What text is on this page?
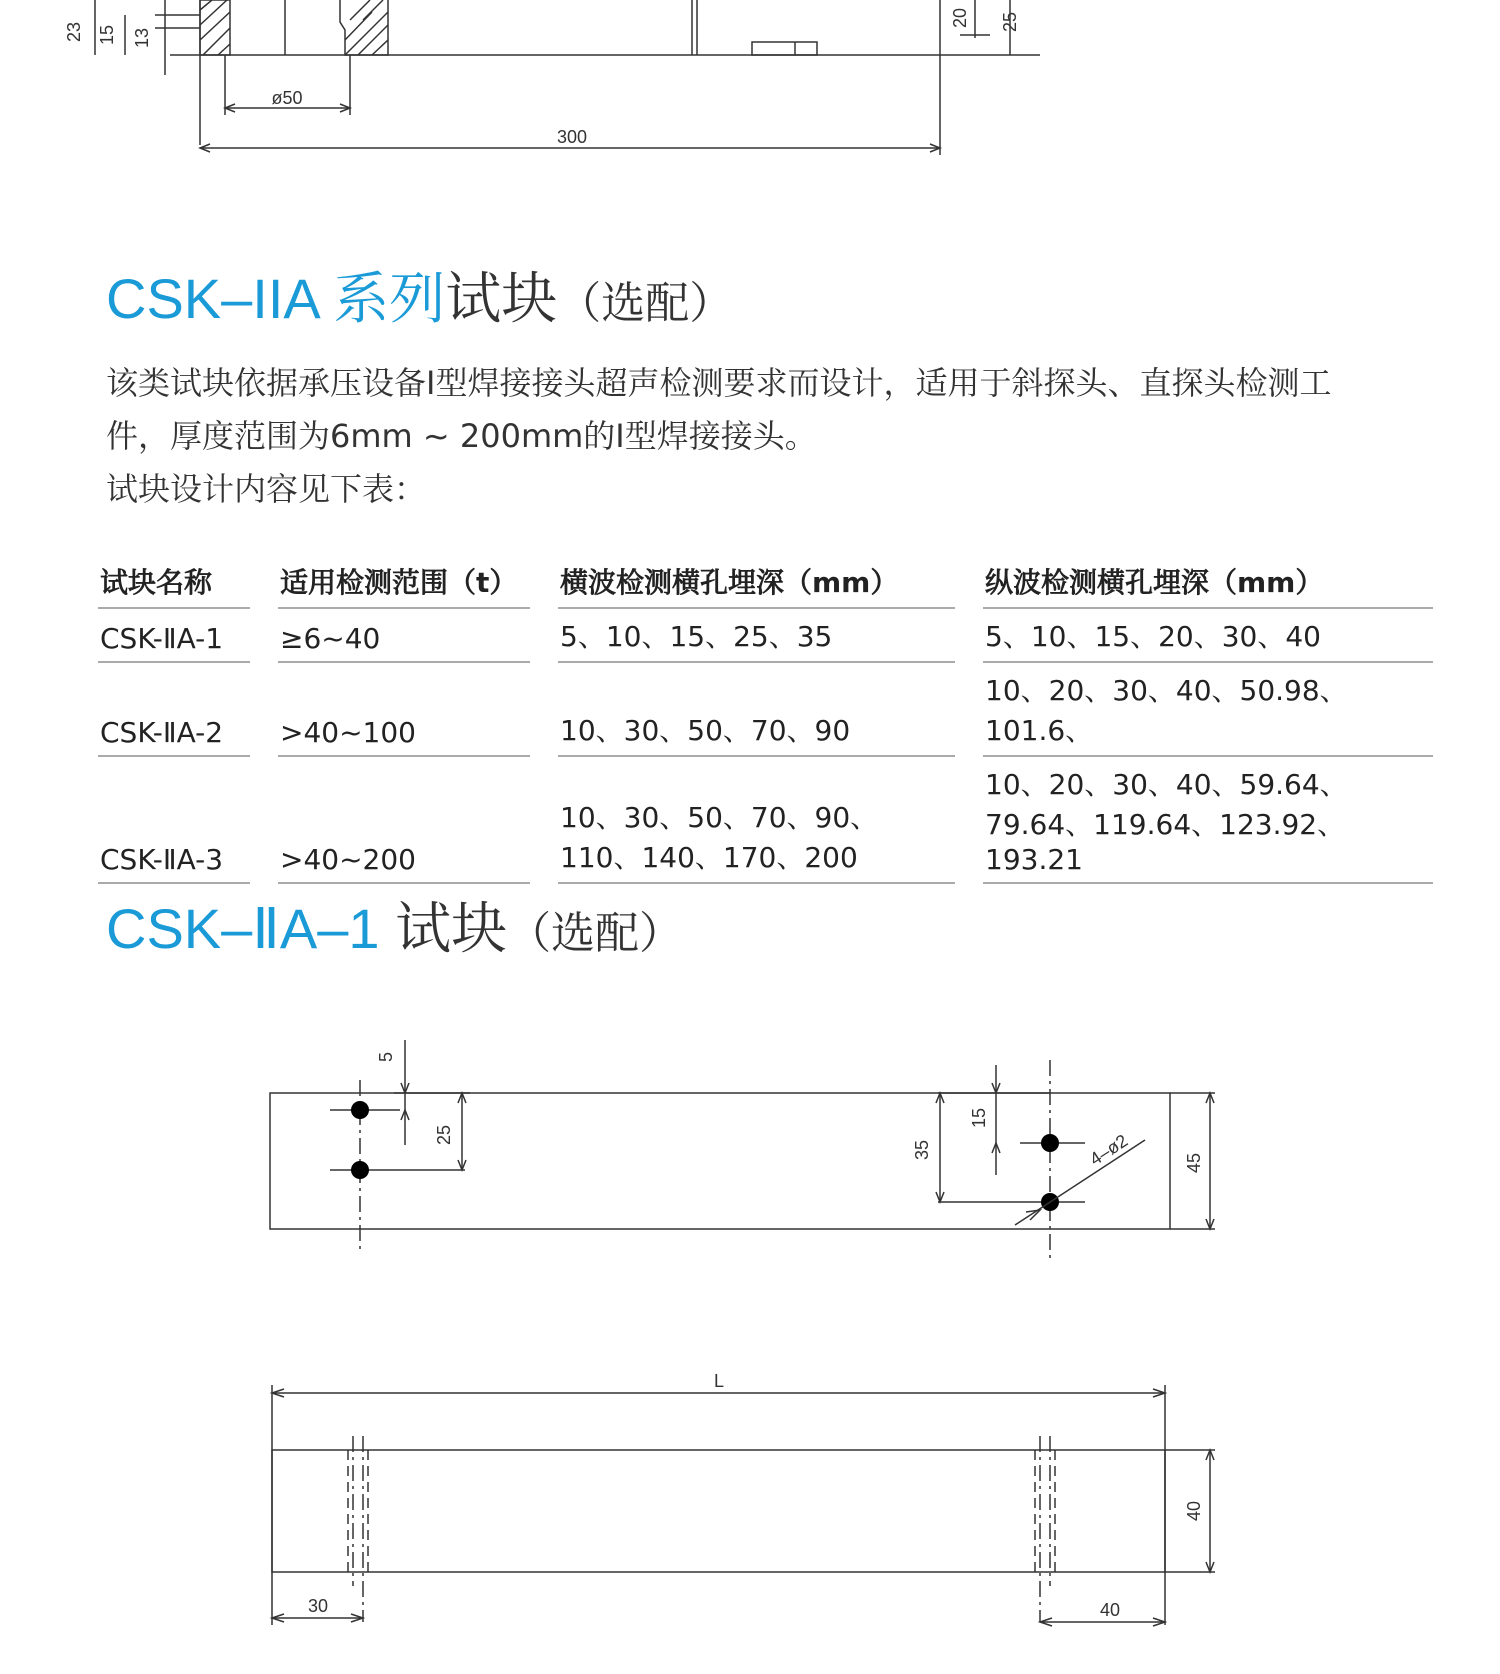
23 15 13
ø50
300
20 25
5
25
35
15
4–ø2	45
L
40
30	40
CSK–IIA 系列试块（选配）

该类试块依据承压设备I型焊接接头超声检测要求而设计，适用于斜探头、直探头检测工

件，厚度范围为6mm ~ 200mm的Ⅰ型焊接接头。

试块设计内容见下表：

试块名称		适用检测范围（t）		横波检测横孔埋深（mm）		纵波检测横孔埋深（mm）
CSK-ⅡA-1		≥6~40		5、10、15、25、35		5、10、15、20、30、40
CSK-ⅡA-2		>40~100		10、30、50、70、90		10、20、30、40、50.98、101.6、
CSK-ⅡA-3		>40~200		10、30、50、70、90、110、140、170、200		10、20、30、40、59.64、79.64、119.64、123.92、193.21
CSK–ⅡA–1 试块（选配）
